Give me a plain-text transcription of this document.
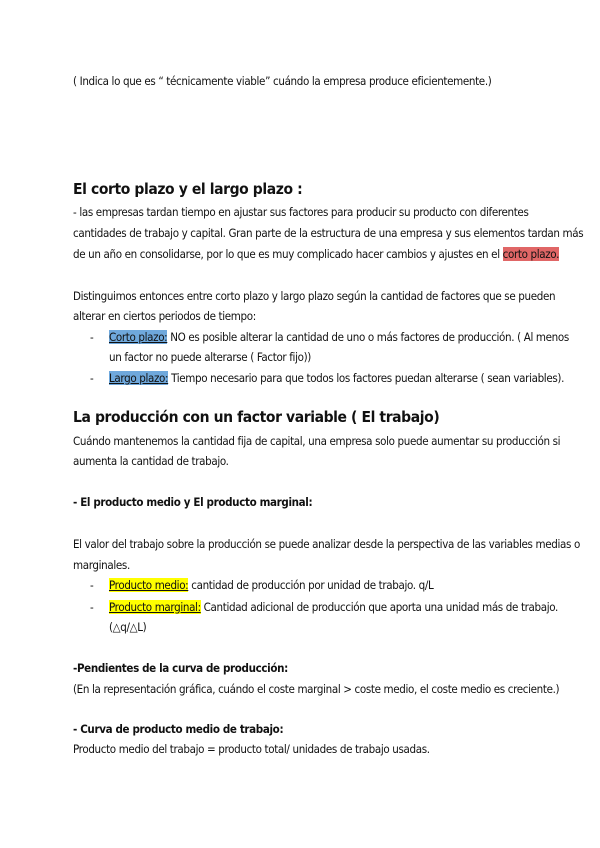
( Indica lo que es “ técnicamente viable” cuándo la empresa produce eficientemente.)
El corto plazo y el largo plazo :
- las empresas tardan tiempo en ajustar sus factores para producir su producto con diferentes
cantidades de trabajo y capital. Gran parte de la estructura de una empresa y sus elementos tardan más
de un año en consolidarse, por lo que es muy complicado hacer cambios y ajustes en el corto plazo.
Distinguimos entonces entre corto plazo y largo plazo según la cantidad de factores que se pueden
alterar en ciertos periodos de tiempo:
- Corto plazo: NO es posible alterar la cantidad de uno o más factores de producción. ( Al menos
un factor no puede alterarse ( Factor fijo))
- Largo plazo: Tiempo necesario para que todos los factores puedan alterarse ( sean variables).
La producción con un factor variable ( El trabajo)
Cuándo mantenemos la cantidad fija de capital, una empresa solo puede aumentar su producción si
aumenta la cantidad de trabajo.
- El producto medio y El producto marginal:
El valor del trabajo sobre la producción se puede analizar desde la perspectiva de las variables medias o
marginales.
- Producto medio: cantidad de producción por unidad de trabajo. q/L
- Producto marginal: Cantidad adicional de producción que aporta una unidad más de trabajo.
(△q/△L)
-Pendientes de la curva de producción:
(En la representación gráfica, cuándo el coste marginal > coste medio, el coste medio es creciente.)
- Curva de producto medio de trabajo:
Producto medio del trabajo = producto total/ unidades de trabajo usadas.
